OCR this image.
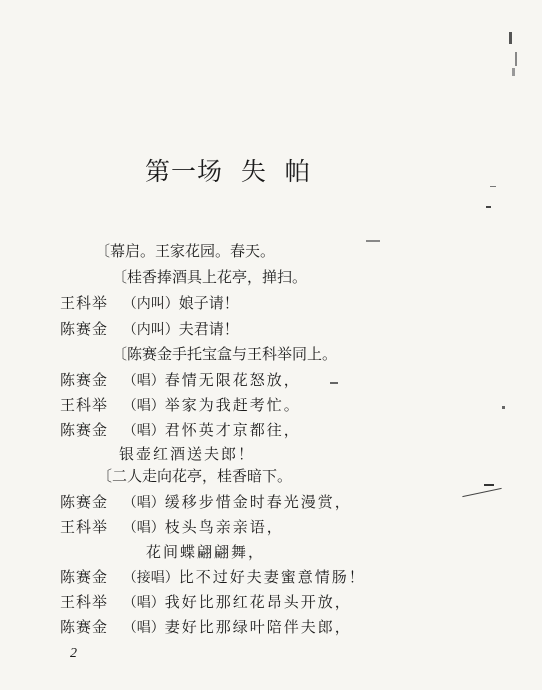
第一场  失  帕
〔幕启。王家花园。春天。
〔桂香捧酒具上花亭，掸扫。
王科举 （内叫）娘子请！
陈赛金 （内叫）夫君请！
〔陈赛金手托宝盒与王科举同上。
陈赛金 （唱）春情无限花怒放，
王科举 （唱）举家为我赶考忙。
陈赛金 （唱）君怀英才京都往，
银壶红酒送夫郎！
〔二人走向花亭，桂香暗下。
陈赛金 （唱）缓移步惜金时春光漫赏，
王科举 （唱）枝头鸟亲亲语，
花间蝶翩翩舞，
陈赛金 （接唱）比不过好夫妻蜜意情肠！
王科举 （唱）我好比那红花昂头开放，
陈赛金 （唱）妻好比那绿叶陪伴夫郎，
2
